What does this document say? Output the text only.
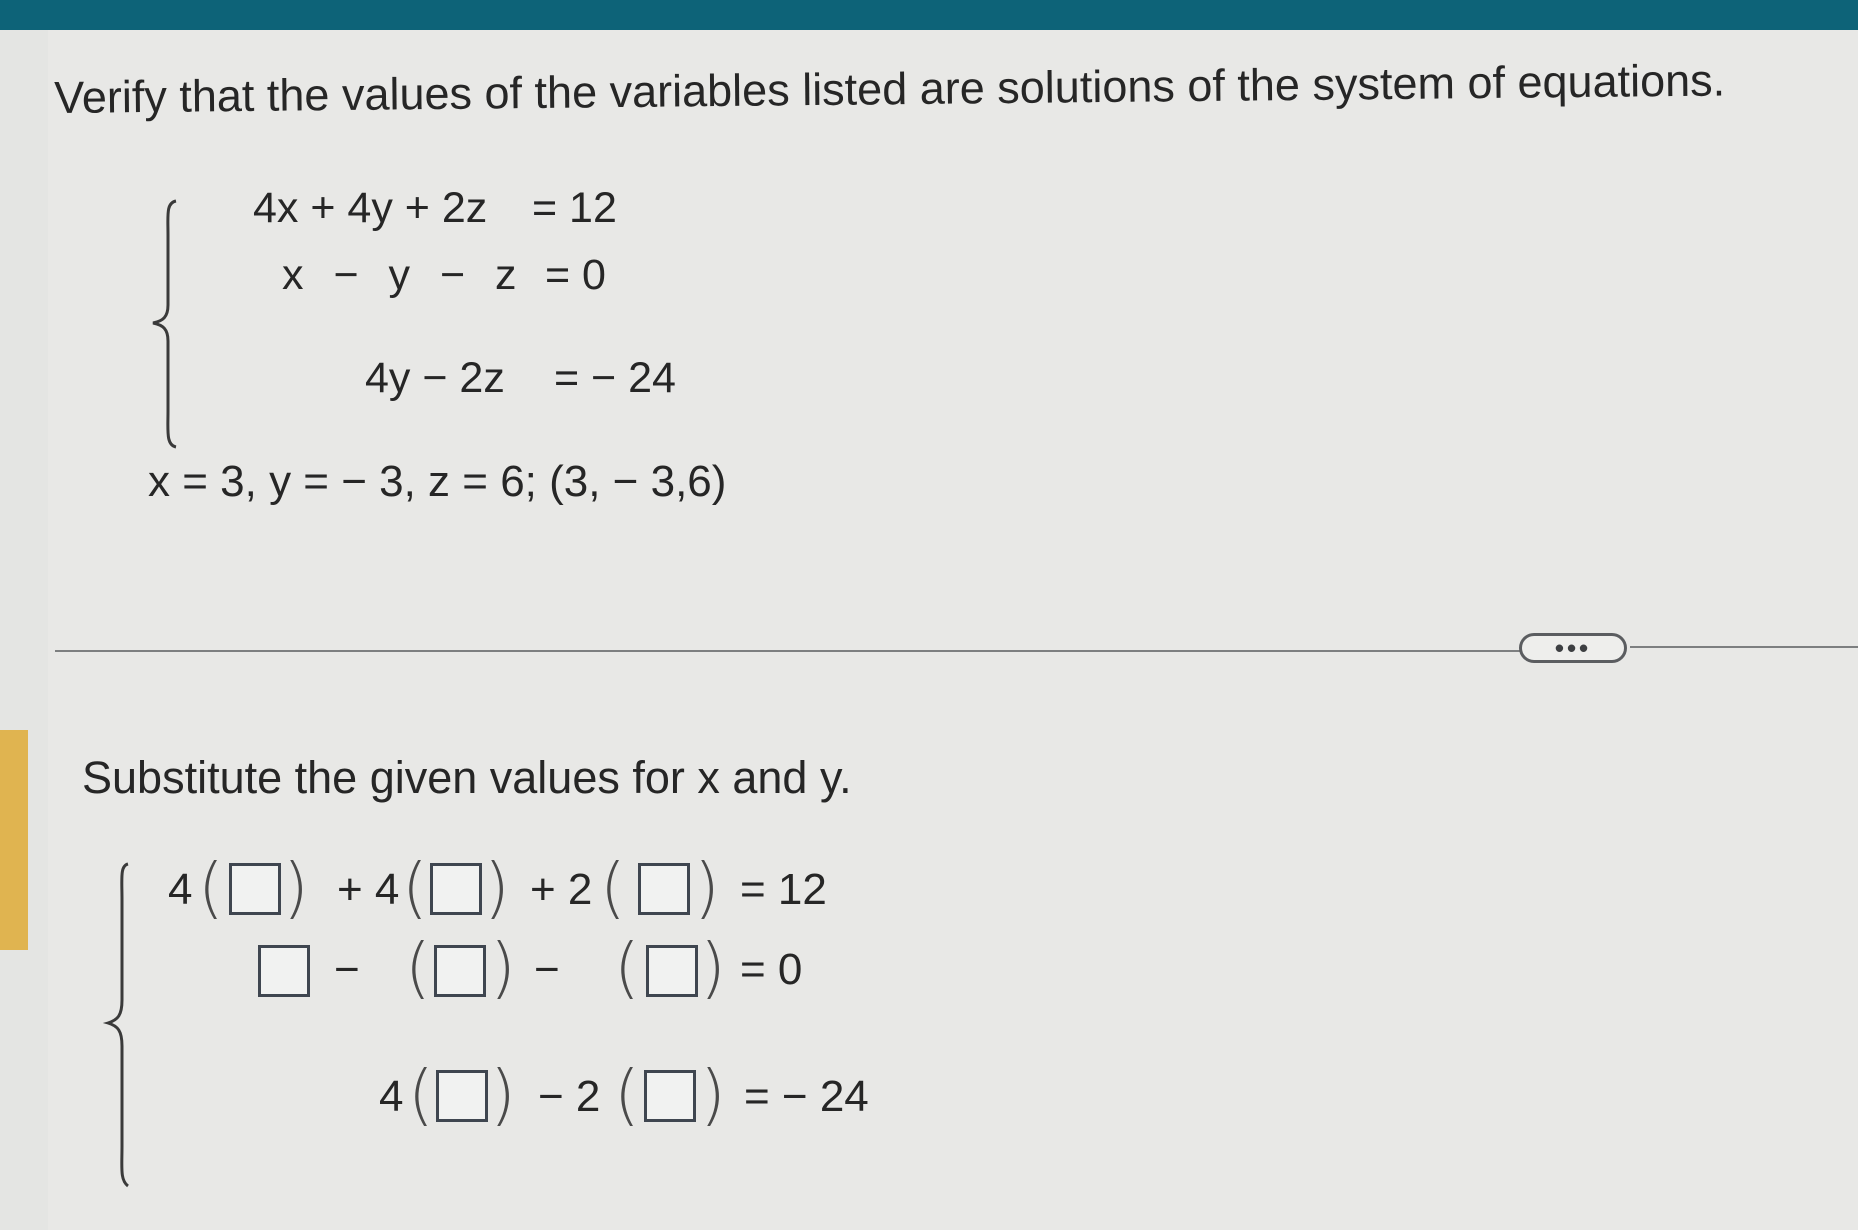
Verify that the values of the variables listed are solutions of the system of equations.
4x + 4y + 2z = 12
x − y − z = 0
4y − 2z = − 24
x = 3, y = − 3, z = 6; (3, − 3,6)
•••
Substitute the given values for x and y.
4 ( ) + 4 ( ) + 2 ( ) = 12
− ( ) − ( ) = 0
4 ( ) − 2 ( ) = − 24
